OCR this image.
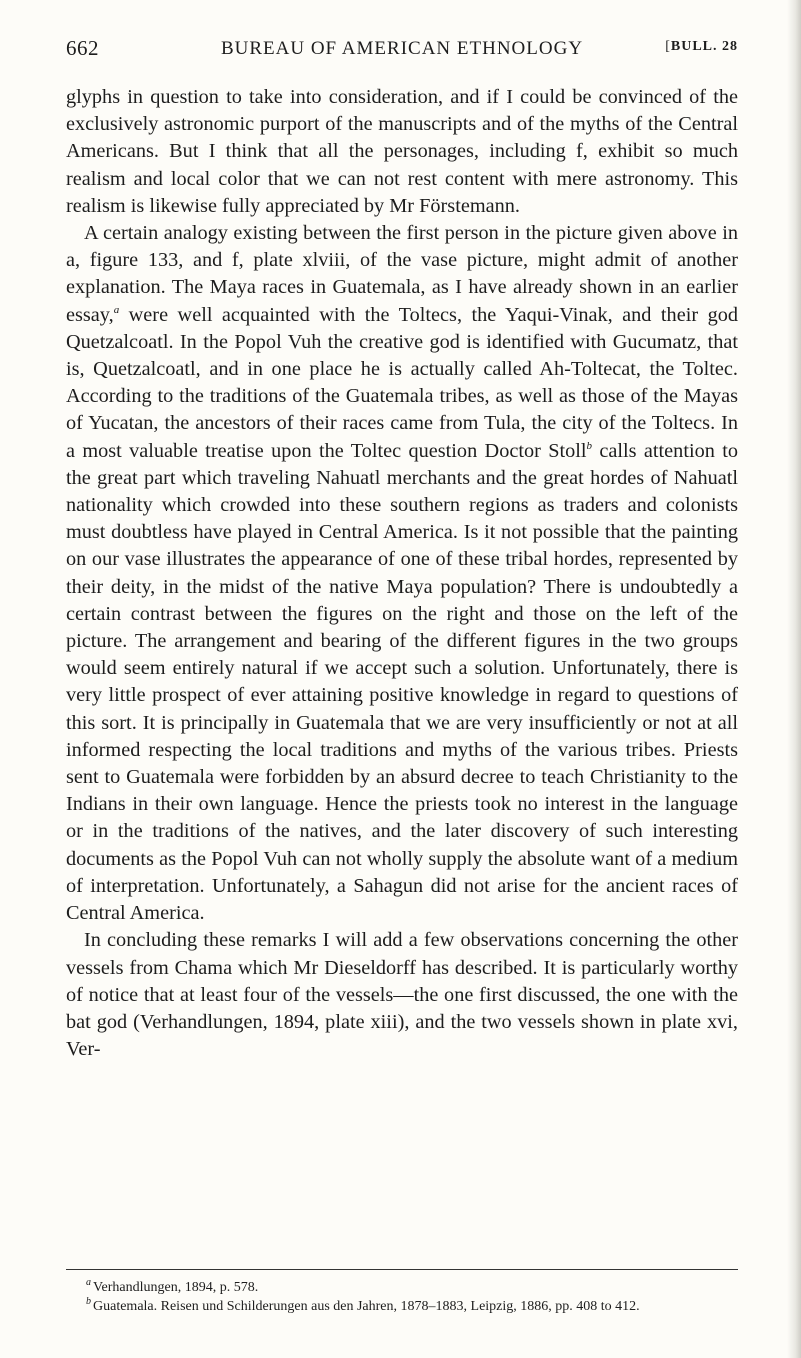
662	BUREAU OF AMERICAN ETHNOLOGY	[BULL. 28

glyphs in question to take into consideration, and if I could be convinced of the exclusively astronomic purport of the manuscripts and of the myths of the Central Americans. But I think that all the personages, including f, exhibit so much realism and local color that we can not rest content with mere astronomy. This realism is likewise fully appreciated by Mr Förstemann.

A certain analogy existing between the first person in the picture given above in a, figure 133, and f, plate xlviii, of the vase picture, might admit of another explanation. The Maya races in Guatemala, as I have already shown in an earlier essay,$^a$ were well acquainted with the Toltecs, the Yaqui-Vinak, and their god Quetzalcoatl. In the Popol Vuh the creative god is identified with Gucumatz, that is, Quetzalcoatl, and in one place he is actually called Ah-Toltecat, the Toltec. According to the traditions of the Guatemala tribes, as well as those of the Mayas of Yucatan, the ancestors of their races came from Tula, the city of the Toltecs. In a most valuable treatise upon the Toltec question Doctor Stoll$^b$ calls attention to the great part which traveling Nahuatl merchants and the great hordes of Nahuatl nationality which crowded into these southern regions as traders and colonists must doubtless have played in Central America. Is it not possible that the painting on our vase illustrates the appearance of one of these tribal hordes, represented by their deity, in the midst of the native Maya population? There is undoubtedly a certain contrast between the figures on the right and those on the left of the picture. The arrangement and bearing of the different figures in the two groups would seem entirely natural if we accept such a solution. Unfortunately, there is very little prospect of ever attaining positive knowledge in regard to questions of this sort. It is principally in Guatemala that we are very insufficiently or not at all informed respecting the local traditions and myths of the various tribes. Priests sent to Guatemala were forbidden by an absurd decree to teach Christianity to the Indians in their own language. Hence the priests took no interest in the language or in the traditions of the natives, and the later discovery of such interesting documents as the Popol Vuh can not wholly supply the absolute want of a medium of interpretation. Unfortunately, a Sahagun did not arise for the ancient races of Central America.

In concluding these remarks I will add a few observations concerning the other vessels from Chama which Mr Dieseldorff has described. It is particularly worthy of notice that at least four of the vessels—the one first discussed, the one with the bat god (Verhandlungen, 1894, plate xiii), and the two vessels shown in plate xvi, Ver-

$^a$ Verhandlungen, 1894, p. 578.

$^b$ Guatemala. Reisen und Schilderungen aus den Jahren, 1878–1883, Leipzig, 1886, pp. 408 to 412.
